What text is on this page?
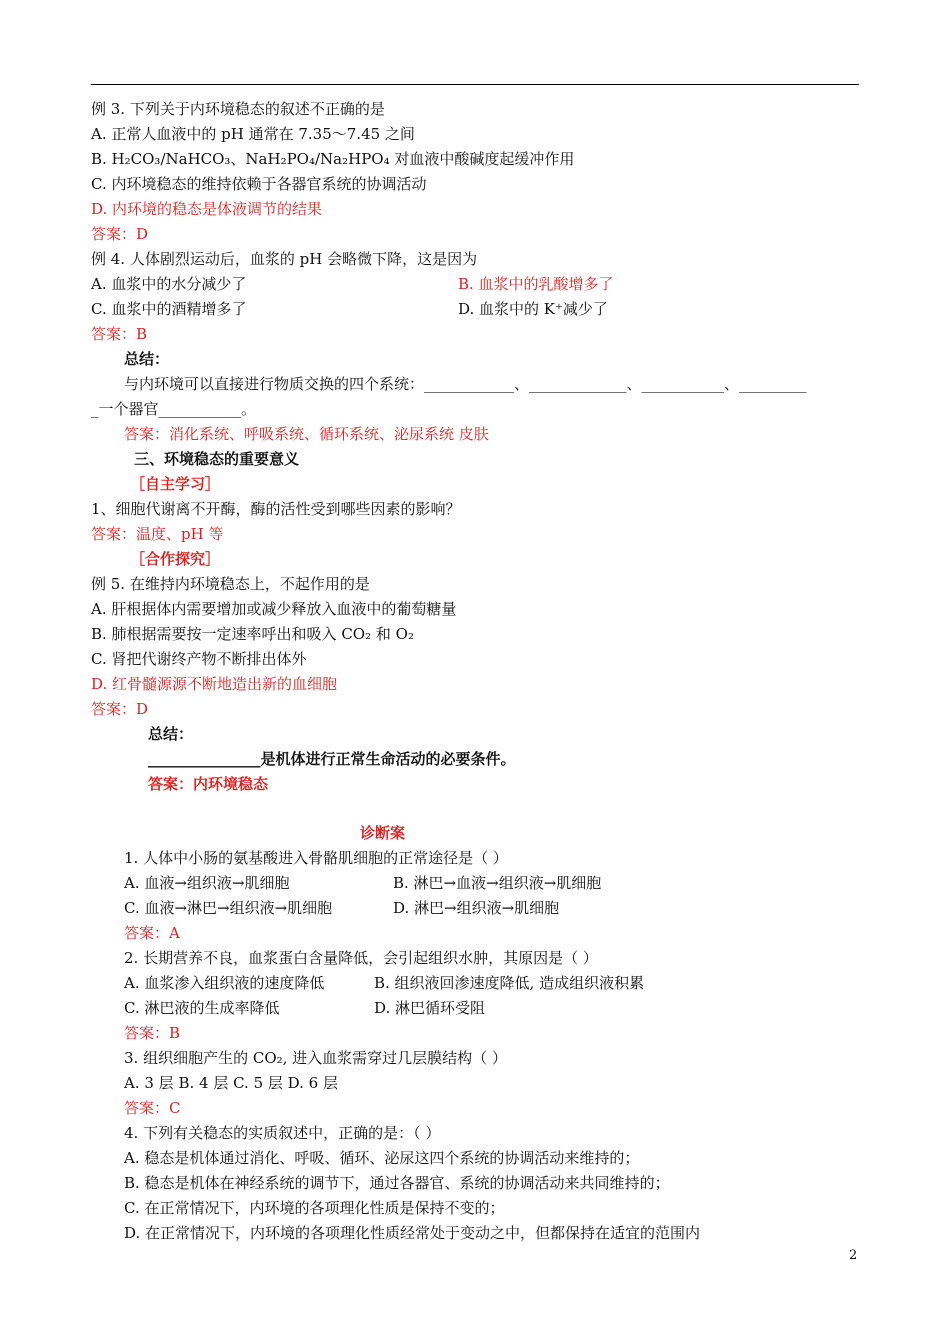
例 3. 下列关于内环境稳态的叙述不正确的是
A. 正常人血液中的 pH 通常在 7.35～7.45 之间
B. H₂CO₃/NaHCO₃、NaH₂PO₄/Na₂HPO₄ 对血液中酸碱度起缓冲作用
C. 内环境稳态的维持依赖于各器官系统的协调活动
D. 内环境的稳态是体液调节的结果
答案：D
例 4. 人体剧烈运动后，血浆的 pH 会略微下降，这是因为
A. 血浆中的水分减少了	B. 血浆中的乳酸增多了
C. 血浆中的酒精增多了	D. 血浆中的 K⁺减少了
答案：B
总结：
与内环境可以直接进行物质交换的四个系统：____________、_____________、___________、_________
_一个器官___________。
答案：消化系统、呼吸系统、循环系统、泌尿系统 皮肤
三、环境稳态的重要意义
［自主学习］
1、细胞代谢离不开酶，酶的活性受到哪些因素的影响？
答案：温度、pH 等
［合作探究］
例 5. 在维持内环境稳态上，不起作用的是
A. 肝根据体内需要增加或减少释放入血液中的葡萄糖量
B. 肺根据需要按一定速率呼出和吸入 CO₂ 和 O₂
C. 肾把代谢终产物不断排出体外
D. 红骨髓源源不断地造出新的血细胞
答案：D
总结：
_______________是机体进行正常生命活动的必要条件。
答案：内环境稳态
诊断案
1. 人体中小肠的氨基酸进入骨骼肌细胞的正常途径是（ ）
A. 血液→组织液→肌细胞	B. 淋巴→血液→组织液→肌细胞
C. 血液→淋巴→组织液→肌细胞	D. 淋巴→组织液→肌细胞
答案：A
2. 长期营养不良，血浆蛋白含量降低，会引起组织水肿，其原因是（ ）
A. 血浆渗入组织液的速度降低	B. 组织液回渗速度降低, 造成组织液积累
C. 淋巴液的生成率降低	D. 淋巴循环受阻
答案：B
3. 组织细胞产生的 CO₂, 进入血浆需穿过几层膜结构（ ）
A. 3 层 B. 4 层 C. 5 层 D. 6 层
答案：C
4. 下列有关稳态的实质叙述中，正确的是：（ ）
A. 稳态是机体通过消化、呼吸、循环、泌尿这四个系统的协调活动来维持的；
B. 稳态是机体在神经系统的调节下，通过各器官、系统的协调活动来共同维持的；
C. 在正常情况下，内环境的各项理化性质是保持不变的；
D. 在正常情况下，内环境的各项理化性质经常处于变动之中，但都保持在适宜的范围内
2
